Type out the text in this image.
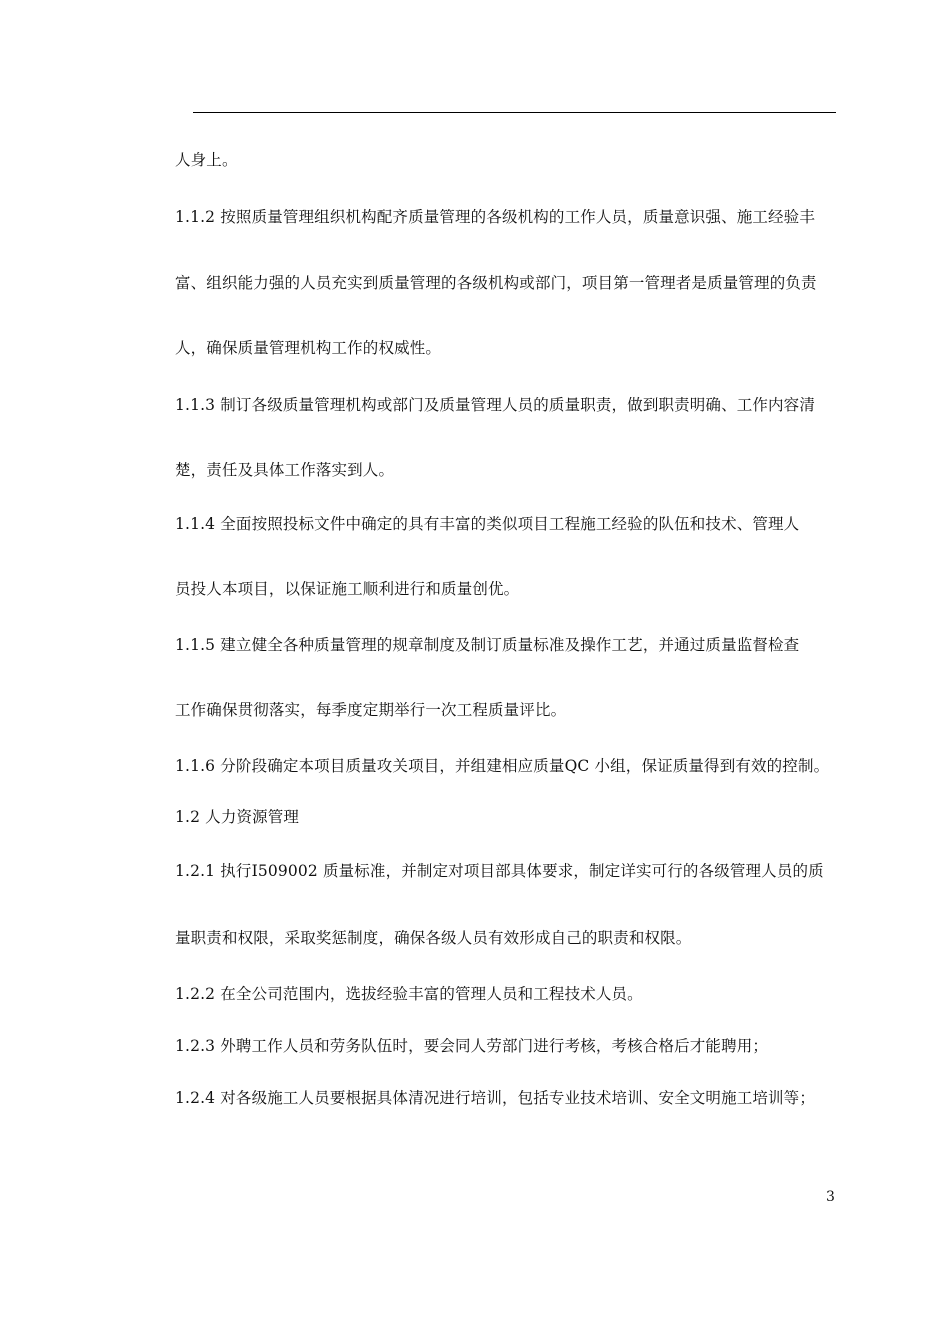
人身上。
1.1.2 按照质量管理组织机构配齐质量管理的各级机构的工作人员，质量意识强、施工经验丰
富、组织能力强的人员充实到质量管理的各级机构或部门，项目第一管理者是质量管理的负责
人，确保质量管理机构工作的权威性。
1.1.3 制订各级质量管理机构或部门及质量管理人员的质量职责，做到职责明确、工作内容清
楚，责任及具体工作落实到人。
1.1.4 全面按照投标文件中确定的具有丰富的类似项目工程施工经验的队伍和技术、管理人
员投人本项目，以保证施工顺利进行和质量创优。
1.1.5 建立健全各种质量管理的规章制度及制订质量标准及操作工艺，并通过质量监督检查
工作确保贯彻落实，每季度定期举行一次工程质量评比。
1.1.6 分阶段确定本项目质量攻关项目，并组建相应质量QC 小组，保证质量得到有效的控制。
1.2 人力资源管理
1.2.1 执行I509002 质量标准，并制定对项目部具体要求，制定详实可行的各级管理人员的质
量职责和权限，采取奖惩制度，确保各级人员有效形成自己的职责和权限。
1.2.2 在全公司范围内，选拔经验丰富的管理人员和工程技术人员。
1.2.3 外聘工作人员和劳务队伍时，要会同人劳部门进行考核，考核合格后才能聘用；
1.2.4 对各级施工人员要根据具体清况进行培训，包括专业技术培训、安全文明施工培训等；
3
